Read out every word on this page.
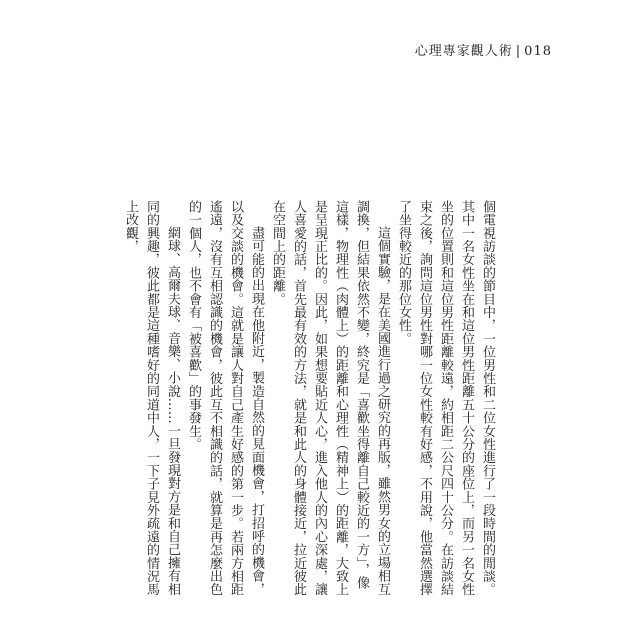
心理專家觀人術 | 018

個電視訪談的節目中，一位男性和二位女性進行了一段時間的閒談。其中一名女性坐在和這位男性距離五十公分的座位上，而另一名女性坐的位置則和這位男性距離較遠，約相距二公尺四十公分。在訪談結束之後，詢問這位男性對哪一位女性較有好感，不用說，他當然選擇了坐得較近的那位女性。

這個實驗，是在美國進行過之研究的再版，雖然男女的立場相互調換，但結果依然不變，終究是「喜歡坐得離自己較近的一方」，像這樣，物理性（肉體上）的距離和心理性（精神上）的距離，大致上是呈現正比的。因此，如果想要貼近人心，進入他人的內心深處，讓人喜愛的話，首先最有效的方法，就是和此人的身體接近，拉近彼此在空間上的距離。

盡可能的出現在他附近，製造自然的見面機會，打招呼的機會，以及交談的機會。這就是讓人對自己產生好感的第一步。若兩方相距遙遠，沒有互相認識的機會，彼此互不相識的話，就算是再怎麼出色的一個人，也不會有「被喜歡」的事發生。

網球、高爾夫球、音樂、小說……一旦發現對方是和自己擁有相同的興趣，彼此都是這種嗜好的同道中人，一下子見外疏遠的情況馬上改觀，
